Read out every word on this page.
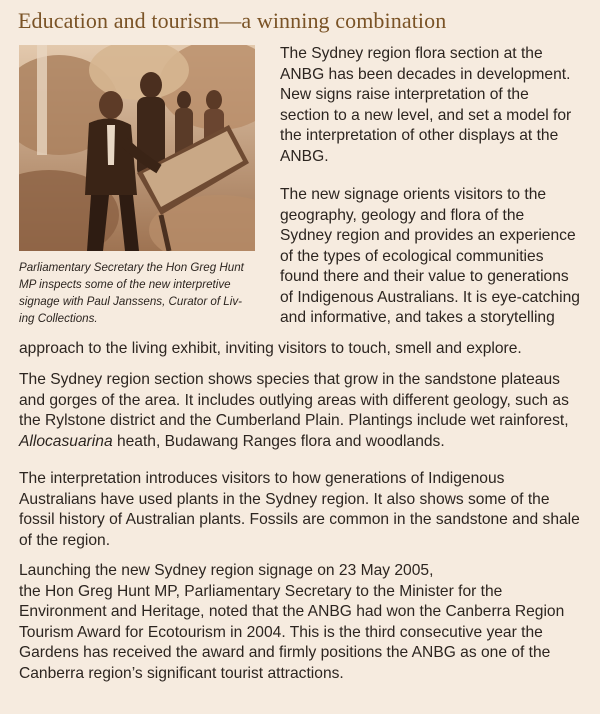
Education and tourism—a winning combination
Parliamentary Secretary the Hon Greg Hunt
MP inspects some of the new interpretive
signage with Paul Janssens, Curator of Liv-
ing Collections.
The Sydney region flora section at the
ANBG has been decades in development.
New signs raise interpretation of the
section to a new level, and set a model for
the interpretation of other displays at the
ANBG.
The new signage orients visitors to the
geography, geology and flora of the
Sydney region and provides an experience
of the types of ecological communities
found there and their value to generations
of Indigenous Australians. It is eye-catching
and informative, and takes a storytelling
approach to the living exhibit, inviting visitors to touch, smell and explore.
The Sydney region section shows species that grow in the sandstone plateaus
and gorges of the area. It includes outlying areas with different geology, such as
the Rylstone district and the Cumberland Plain. Plantings include wet rainforest,
Allocasuarina heath, Budawang Ranges flora and woodlands.
The interpretation introduces visitors to how generations of Indigenous
Australians have used plants in the Sydney region. It also shows some of the
fossil history of Australian plants. Fossils are common in the sandstone and shale
of the region.
Launching the new Sydney region signage on 23 May 2005,
the Hon Greg Hunt MP, Parliamentary Secretary to the Minister for the
Environment and Heritage, noted that the ANBG had won the Canberra Region
Tourism Award for Ecotourism in 2004. This is the third consecutive year the
Gardens has received the award and firmly positions the ANBG as one of the
Canberra region’s significant tourist attractions.
